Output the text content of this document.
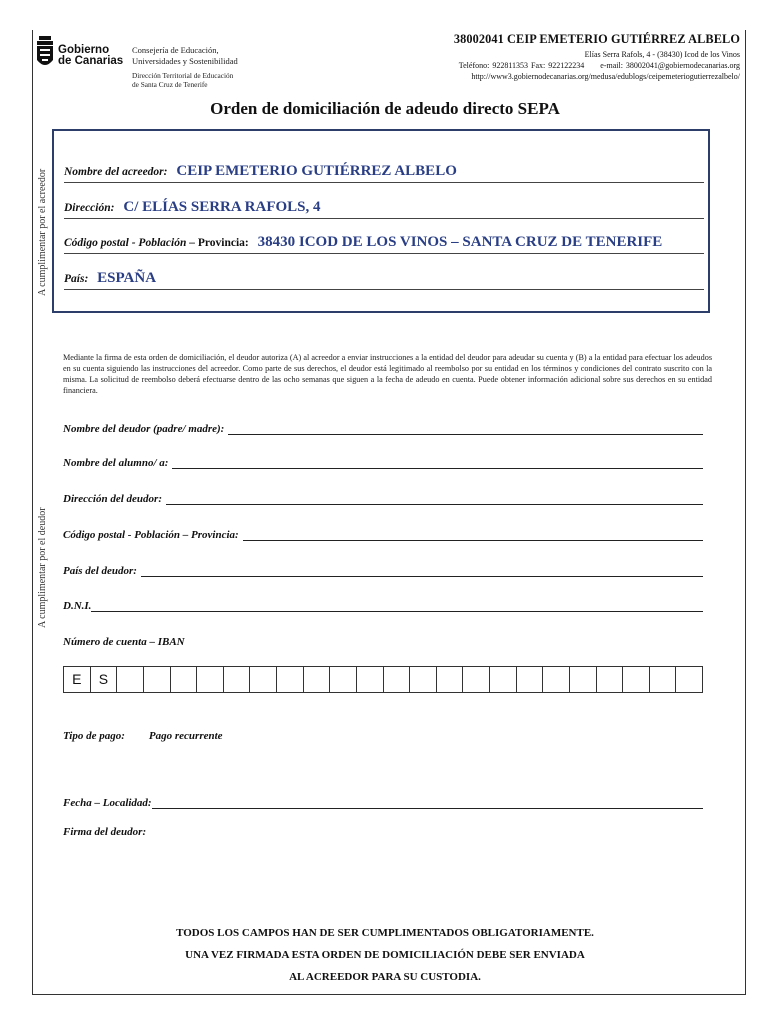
Gobierno
de Canarias
Consejería de Educación,
Universidades y Sostenibilidad
Dirección Territorial de Educación
de Santa Cruz de Tenerife
38002041 CEIP EMETERIO GUTIÉRREZ ALBELO
Elías Serra Rafols, 4 - (38430) Icod de los Vinos
Teléfono: 922811353 Fax: 922122234 e-mail: 38002041@gobiernodecanarias.org
http://www3.gobiernodecanarias.org/medusa/edublogs/ceipemeteriogutierrezalbelo/
Orden de domiciliación de adeudo directo SEPA
A cumplimentar por el acreedor Nombre del acreedor: CEIP EMETERIO GUTIÉRREZ ALBELO
Dirección: C/ ELÍAS SERRA RAFOLS, 4
Código postal - Población – Provincia: 38430 ICOD DE LOS VINOS – SANTA CRUZ DE TENERIFE
País: ESPAÑA
Mediante la firma de esta orden de domiciliación, el deudor autoriza (A) al acreedor a enviar instrucciones a la entidad del deudor para adeudar su cuenta y (B) a la entidad para efectuar los adeudos en su cuenta siguiendo las instrucciones del acreedor. Como parte de sus derechos, el deudor está legitimado al reembolso por su entidad en los términos y condiciones del contrato suscrito con la misma. La solicitud de reembolso deberá efectuarse dentro de las ocho semanas que siguen a la fecha de adeudo en cuenta. Puede obtener información adicional sobre sus derechos en su entidad financiera.
A cumplimentar por el deudor
Nombre del deudor (padre/ madre):
Nombre del alumno/ a:
Dirección del deudor:
Código postal - Población – Provincia:
País del deudor:
D.N.I.
Número de cuenta – IBAN
E	S
Tipo de pago: Pago recurrente
Fecha – Localidad:
Firma del deudor:
TODOS LOS CAMPOS HAN DE SER CUMPLIMENTADOS OBLIGATORIAMENTE.
UNA VEZ FIRMADA ESTA ORDEN DE DOMICILIACIÓN DEBE SER ENVIADA
AL ACREEDOR PARA SU CUSTODIA.
